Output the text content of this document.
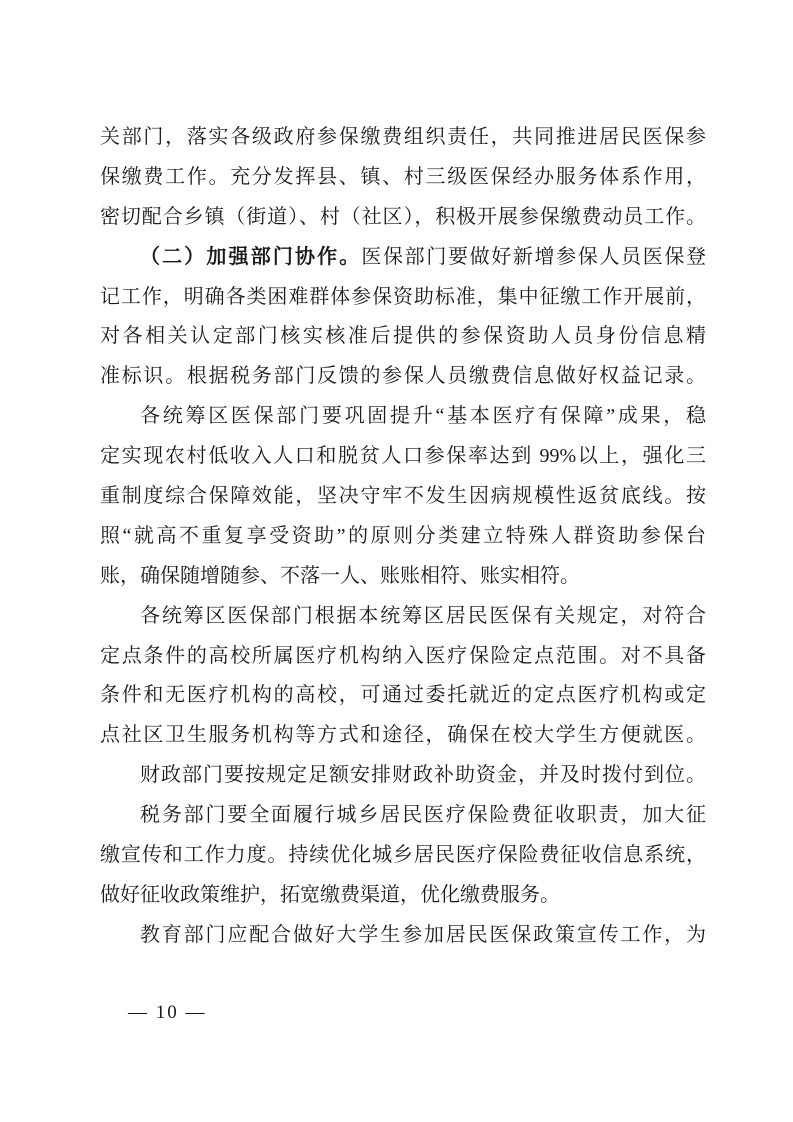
关部门，落实各级政府参保缴费组织责任，共同推进居民医保参
保缴费工作。充分发挥县、镇、村三级医保经办服务体系作用，
密切配合乡镇（街道）、村（社区），积极开展参保缴费动员工作。
（二）加强部门协作。医保部门要做好新增参保人员医保登
记工作，明确各类困难群体参保资助标准，集中征缴工作开展前，
对各相关认定部门核实核准后提供的参保资助人员身份信息精
准标识。根据税务部门反馈的参保人员缴费信息做好权益记录。
各统筹区医保部门要巩固提升“基本医疗有保障”成果，稳
定实现农村低收入人口和脱贫人口参保率达到 99%以上，强化三
重制度综合保障效能，坚决守牢不发生因病规模性返贫底线。按
照“就高不重复享受资助”的原则分类建立特殊人群资助参保台
账，确保随增随参、不落一人、账账相符、账实相符。
各统筹区医保部门根据本统筹区居民医保有关规定，对符合
定点条件的高校所属医疗机构纳入医疗保险定点范围。对不具备
条件和无医疗机构的高校，可通过委托就近的定点医疗机构或定
点社区卫生服务机构等方式和途径，确保在校大学生方便就医。
财政部门要按规定足额安排财政补助资金，并及时拨付到位。
税务部门要全面履行城乡居民医疗保险费征收职责，加大征
缴宣传和工作力度。持续优化城乡居民医疗保险费征收信息系统，
做好征收政策维护，拓宽缴费渠道，优化缴费服务。
教育部门应配合做好大学生参加居民医保政策宣传工作，为
— 10 —
